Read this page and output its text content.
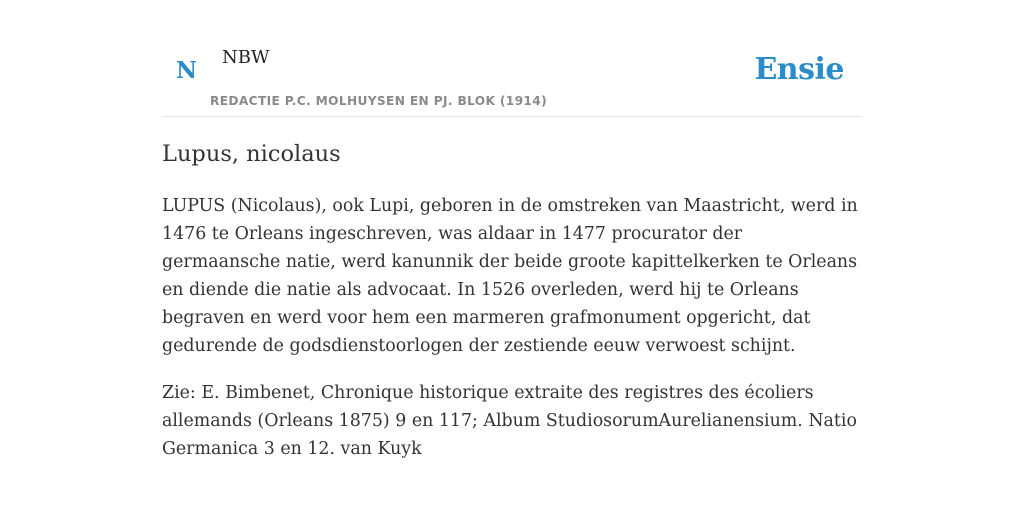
N NBW
REDACTIE P.C. MOLHUYSEN EN PJ. BLOK (1914)
Ensie
Lupus, nicolaus

LUPUS (Nicolaus), ook Lupi, geboren in de omstreken van Maastricht, werd in 1476 te Orleans ingeschreven, was aldaar in 1477 procurator der germaansche natie, werd kanunnik der beide groote kapittelkerken te Orleans en diende die natie als advocaat. In 1526 overleden, werd hij te Orleans begraven en werd voor hem een marmeren grafmonument opgericht, dat gedurende de godsdienstoorlogen der zestiende eeuw verwoest schijnt.

Zie: E. Bimbenet, Chronique historique extraite des registres des écoliers allemands (Orleans 1875) 9 en 117; Album StudiosorumAurelianensium. Natio Germanica 3 en 12. van Kuyk
